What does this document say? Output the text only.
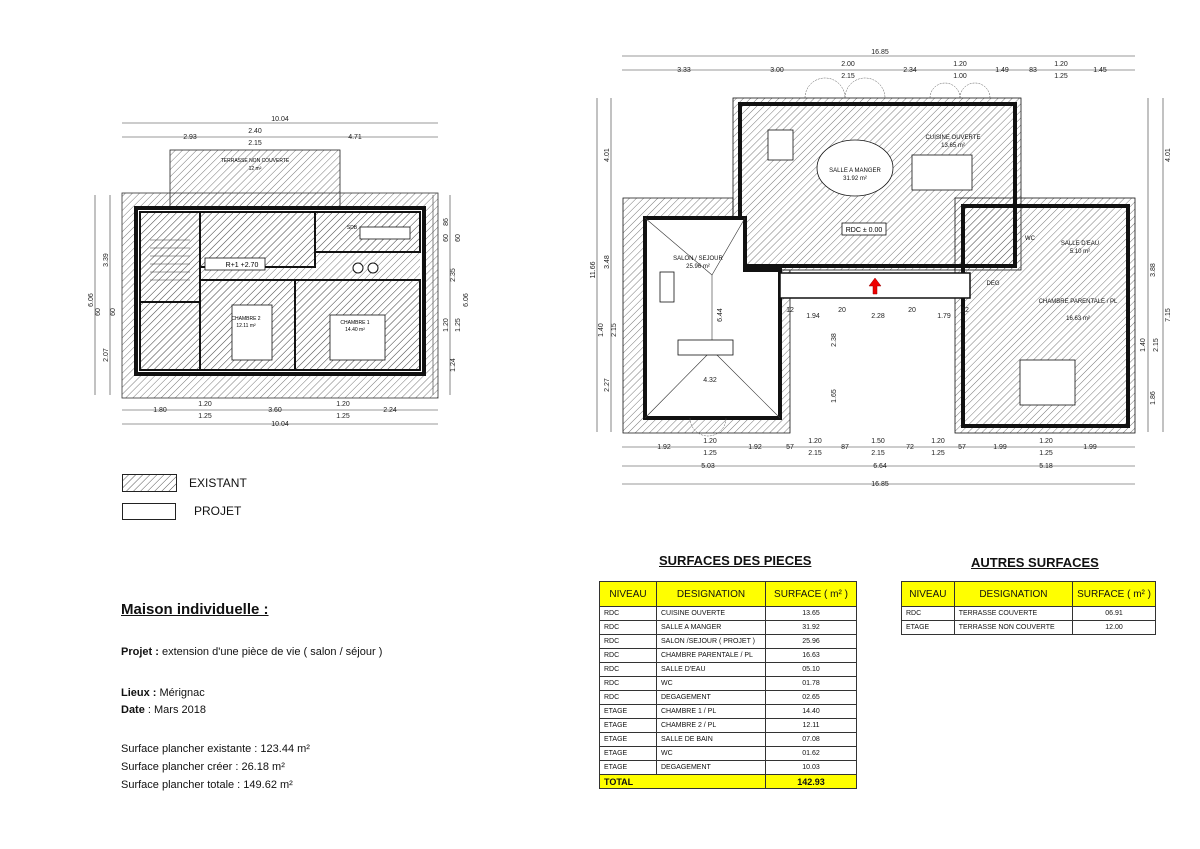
10.04
2.93
2.40
2.15
4.71
1.80
1.20
1.25
3.60
1.20
1.25
2.24
10.04
6.06
3.39
60 60
2.07
86
60 60
2.35
6.06
1.20 1.25
1.24
TERRASSE NON COUVERTE
12 m²
R+1 +2.70
SDB
CHAMBRE 2
12.11 m²	CHAMBRE 1
14.40 m²
16.85
3.33	3.00
2.00
2.15
2.34
1.20
1.00
1.49	83
1.20
1.25
1.45
1.92
1.20
1.25
1.92	57
1.20
2.15
87
1.50
2.15
72
1.20
1.25
57	1.99
1.20
1.25
1.99
5.03	6.64	5.18
16.85
4.01
11.66 3.48
1.40 2.15
2.27
4.01
3.88
7.15
1.40 2.15
1.86
RDC ± 0.00
CUISINE OUVERTE
13.65 m²
SALLE A MANGER
31.92 m²
SALON / SEJOUR
25.96 m²
SALLE D'EAU
5.10 m²
WC
DEG
CHAMBRE PARENTALE / PL
16.63 m²
12
1.94
20
2.28
20
1.79
12
2.38
1.65
4.32
6.44
EXISTANT
PROJET
Maison individuelle :
Projet : extension d'une pièce de vie ( salon / séjour )
Lieux : Mérignac
Date : Mars 2018
Surface plancher existante : 123.44 m²
Surface plancher créer : 26.18 m²
Surface plancher totale : 149.62 m²
SURFACES DES PIECES
NIVEAU	DESIGNATION	SURFACE ( m² )
RDC	CUISINE OUVERTE	13.65
RDC	SALLE A MANGER	31.92
RDC	SALON /SEJOUR ( PROJET )	25.96
RDC	CHAMBRE PARENTALE / PL	16.63
RDC	SALLE D'EAU	05.10
RDC	WC	01.78
RDC	DEGAGEMENT	02.65
ETAGE	CHAMBRE 1 / PL	14.40
ETAGE	CHAMBRE 2 / PL	12.11
ETAGE	SALLE DE BAIN	07.08
ETAGE	WC	01.62
ETAGE	DEGAGEMENT	10.03
TOTAL		142.93
AUTRES SURFACES
NIVEAU	DESIGNATION	SURFACE ( m² )
RDC	TERRASSE COUVERTE	06.91
ETAGE	TERRASSE NON COUVERTE	12.00
